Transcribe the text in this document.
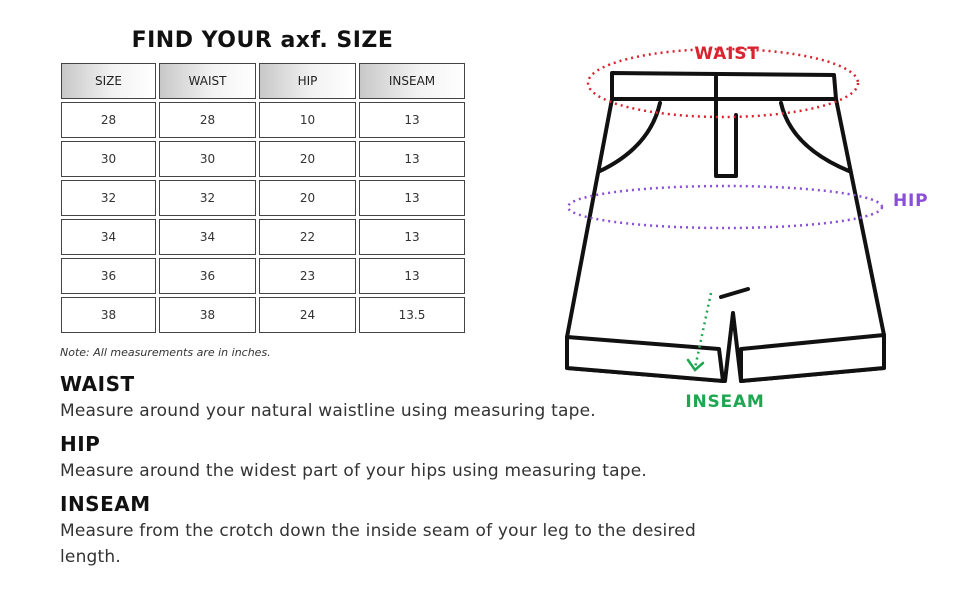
FIND YOUR axf. SIZE
SIZE	WAIST	HIP	INSEAM
28	28	10	13
30	30	20	13
32	32	20	13
34	34	22	13
36	36	23	13
38	38	24	13.5
Note: All measurements are in inches.
WAIST

Measure around your natural waistline using measuring tape.

HIP

Measure around the widest part of your hips using measuring tape.

INSEAM

Measure from the crotch down the inside seam of your leg to the desired length.

WAIST
HIP
INSEAM
